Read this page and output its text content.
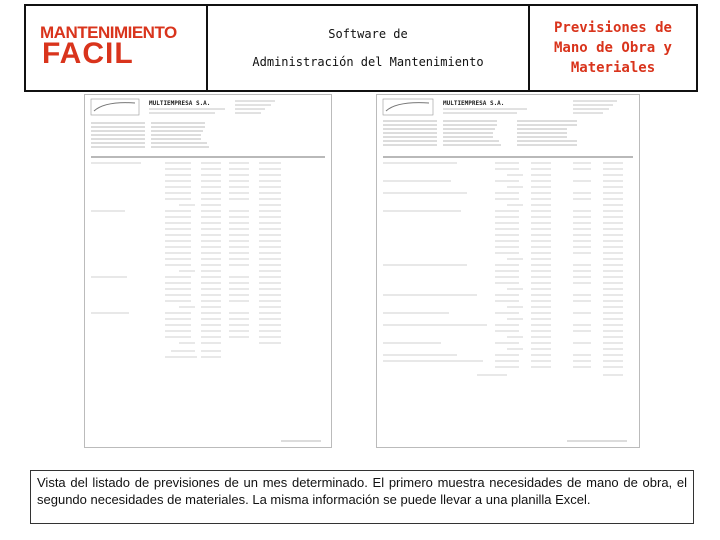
MANTENIMIENTO
FACIL
Software de
Administración del Mantenimiento
Previsiones de
Mano de Obra y
Materiales
MULTIEMPRESA S.A.	MULTIEMPRESA S.A.

Vista del listado de previsiones de un mes determinado. El primero muestra necesidades de mano de obra, el segundo necesidades de materiales. La misma información se puede llevar a una planilla Excel.
